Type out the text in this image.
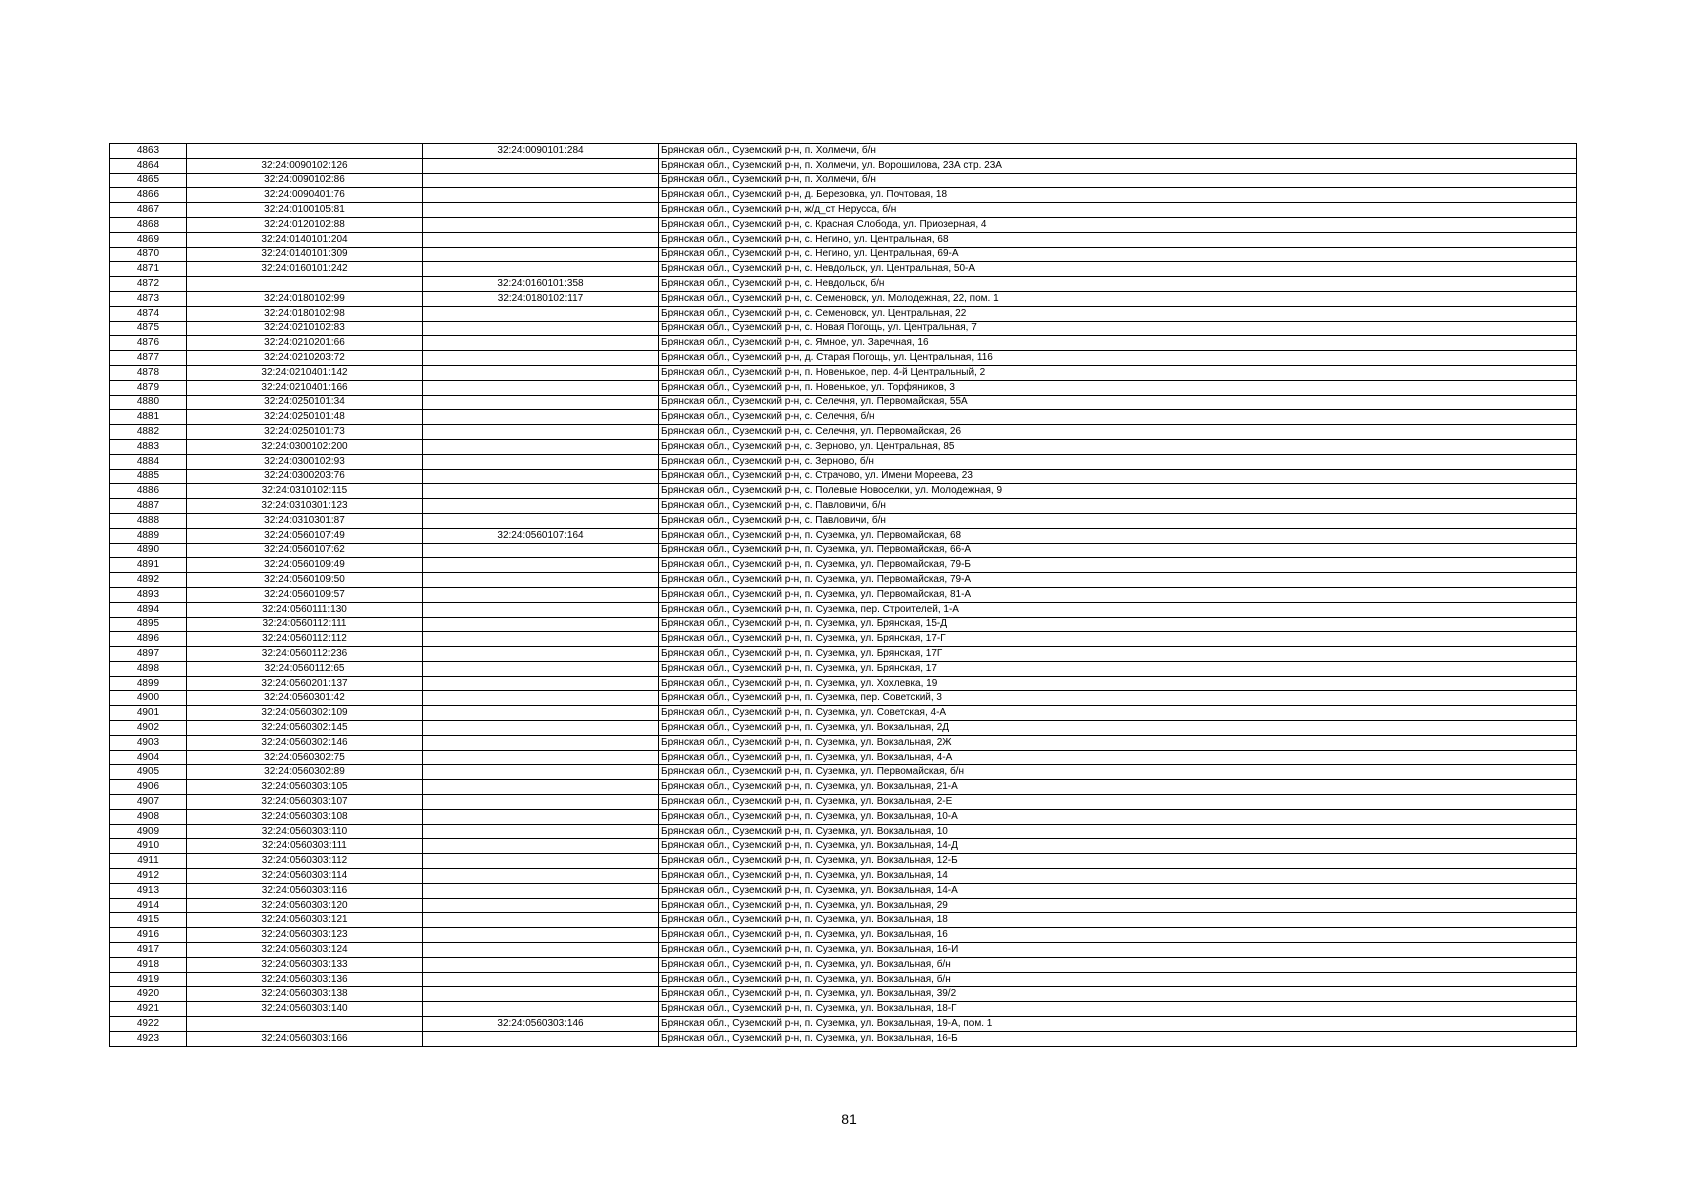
4863		32:24:0090101:284	Брянская обл., Суземский р-н, п. Холмечи, б/н
4864	32:24:0090102:126		Брянская обл., Суземский р-н, п. Холмечи, ул. Ворошилова, 23А стр. 23А
4865	32:24:0090102:86		Брянская обл., Суземский р-н, п. Холмечи, б/н
4866	32:24:0090401:76		Брянская обл., Суземский р-н, д. Березовка, ул. Почтовая, 18
4867	32:24:0100105:81		Брянская обл., Суземский р-н, ж/д_ст Нерусса, б/н
4868	32:24:0120102:88		Брянская обл., Суземский р-н, с. Красная Слобода, ул. Приозерная, 4
4869	32:24:0140101:204		Брянская обл., Суземский р-н, с. Негино, ул. Центральная, 68
4870	32:24:0140101:309		Брянская обл., Суземский р-н, с. Негино, ул. Центральная, 69-А
4871	32:24:0160101:242		Брянская обл., Суземский р-н, с. Невдольск, ул. Центральная, 50-А
4872		32:24:0160101:358	Брянская обл., Суземский р-н, с. Невдольск, б/н
4873	32:24:0180102:99	32:24:0180102:117	Брянская обл., Суземский р-н, с. Семеновск, ул. Молодежная, 22, пом. 1
4874	32:24:0180102:98		Брянская обл., Суземский р-н, с. Семеновск, ул. Центральная, 22
4875	32:24:0210102:83		Брянская обл., Суземский р-н, с. Новая Погощь, ул. Центральная, 7
4876	32:24:0210201:66		Брянская обл., Суземский р-н, с. Ямное, ул. Заречная, 16
4877	32:24:0210203:72		Брянская обл., Суземский р-н, д. Старая Погощь, ул. Центральная, 116
4878	32:24:0210401:142		Брянская обл., Суземский р-н, п. Новенькое, пер. 4-й Центральный, 2
4879	32:24:0210401:166		Брянская обл., Суземский р-н, п. Новенькое, ул. Торфяников, 3
4880	32:24:0250101:34		Брянская обл., Суземский р-н, с. Селечня, ул. Первомайская, 55А
4881	32:24:0250101:48		Брянская обл., Суземский р-н, с. Селечня, б/н
4882	32:24:0250101:73		Брянская обл., Суземский р-н, с. Селечня, ул. Первомайская, 26
4883	32:24:0300102:200		Брянская обл., Суземский р-н, с. Зерново, ул. Центральная, 85
4884	32:24:0300102:93		Брянская обл., Суземский р-н, с. Зерново, б/н
4885	32:24:0300203:76		Брянская обл., Суземский р-н, с. Страчово, ул. Имени Мореева, 23
4886	32:24:0310102:115		Брянская обл., Суземский р-н, с. Полевые Новоселки, ул. Молодежная, 9
4887	32:24:0310301:123		Брянская обл., Суземский р-н, с. Павловичи, б/н
4888	32:24:0310301:87		Брянская обл., Суземский р-н, с. Павловичи, б/н
4889	32:24:0560107:49	32:24:0560107:164	Брянская обл., Суземский р-н, п. Суземка, ул. Первомайская, 68
4890	32:24:0560107:62		Брянская обл., Суземский р-н, п. Суземка, ул. Первомайская, 66-А
4891	32:24:0560109:49		Брянская обл., Суземский р-н, п. Суземка, ул. Первомайская, 79-Б
4892	32:24:0560109:50		Брянская обл., Суземский р-н, п. Суземка, ул. Первомайская, 79-А
4893	32:24:0560109:57		Брянская обл., Суземский р-н, п. Суземка, ул. Первомайская, 81-А
4894	32:24:0560111:130		Брянская обл., Суземский р-н, п. Суземка, пер. Строителей, 1-А
4895	32:24:0560112:111		Брянская обл., Суземский р-н, п. Суземка, ул. Брянская, 15-Д
4896	32:24:0560112:112		Брянская обл., Суземский р-н, п. Суземка, ул. Брянская, 17-Г
4897	32:24:0560112:236		Брянская обл., Суземский р-н, п. Суземка, ул. Брянская, 17Г
4898	32:24:0560112:65		Брянская обл., Суземский р-н, п. Суземка, ул. Брянская, 17
4899	32:24:0560201:137		Брянская обл., Суземский р-н, п. Суземка, ул. Хохлевка, 19
4900	32:24:0560301:42		Брянская обл., Суземский р-н, п. Суземка, пер. Советский, 3
4901	32:24:0560302:109		Брянская обл., Суземский р-н, п. Суземка, ул. Советская, 4-А
4902	32:24:0560302:145		Брянская обл., Суземский р-н, п. Суземка, ул. Вокзальная, 2Д
4903	32:24:0560302:146		Брянская обл., Суземский р-н, п. Суземка, ул. Вокзальная, 2Ж
4904	32:24:0560302:75		Брянская обл., Суземский р-н, п. Суземка, ул. Вокзальная, 4-А
4905	32:24:0560302:89		Брянская обл., Суземский р-н, п. Суземка, ул. Первомайская, б/н
4906	32:24:0560303:105		Брянская обл., Суземский р-н, п. Суземка, ул. Вокзальная, 21-А
4907	32:24:0560303:107		Брянская обл., Суземский р-н, п. Суземка, ул. Вокзальная, 2-Е
4908	32:24:0560303:108		Брянская обл., Суземский р-н, п. Суземка, ул. Вокзальная, 10-А
4909	32:24:0560303:110		Брянская обл., Суземский р-н, п. Суземка, ул. Вокзальная, 10
4910	32:24:0560303:111		Брянская обл., Суземский р-н, п. Суземка, ул. Вокзальная, 14-Д
4911	32:24:0560303:112		Брянская обл., Суземский р-н, п. Суземка, ул. Вокзальная, 12-Б
4912	32:24:0560303:114		Брянская обл., Суземский р-н, п. Суземка, ул. Вокзальная, 14
4913	32:24:0560303:116		Брянская обл., Суземский р-н, п. Суземка, ул. Вокзальная, 14-А
4914	32:24:0560303:120		Брянская обл., Суземский р-н, п. Суземка, ул. Вокзальная, 29
4915	32:24:0560303:121		Брянская обл., Суземский р-н, п. Суземка, ул. Вокзальная, 18
4916	32:24:0560303:123		Брянская обл., Суземский р-н, п. Суземка, ул. Вокзальная, 16
4917	32:24:0560303:124		Брянская обл., Суземский р-н, п. Суземка, ул. Вокзальная, 16-И
4918	32:24:0560303:133		Брянская обл., Суземский р-н, п. Суземка, ул. Вокзальная, б/н
4919	32:24:0560303:136		Брянская обл., Суземский р-н, п. Суземка, ул. Вокзальная, б/н
4920	32:24:0560303:138		Брянская обл., Суземский р-н, п. Суземка, ул. Вокзальная, 39/2
4921	32:24:0560303:140		Брянская обл., Суземский р-н, п. Суземка, ул. Вокзальная, 18-Г
4922		32:24:0560303:146	Брянская обл., Суземский р-н, п. Суземка, ул. Вокзальная, 19-А, пом. 1
4923	32:24:0560303:166		Брянская обл., Суземский р-н, п. Суземка, ул. Вокзальная, 16-Б
81
